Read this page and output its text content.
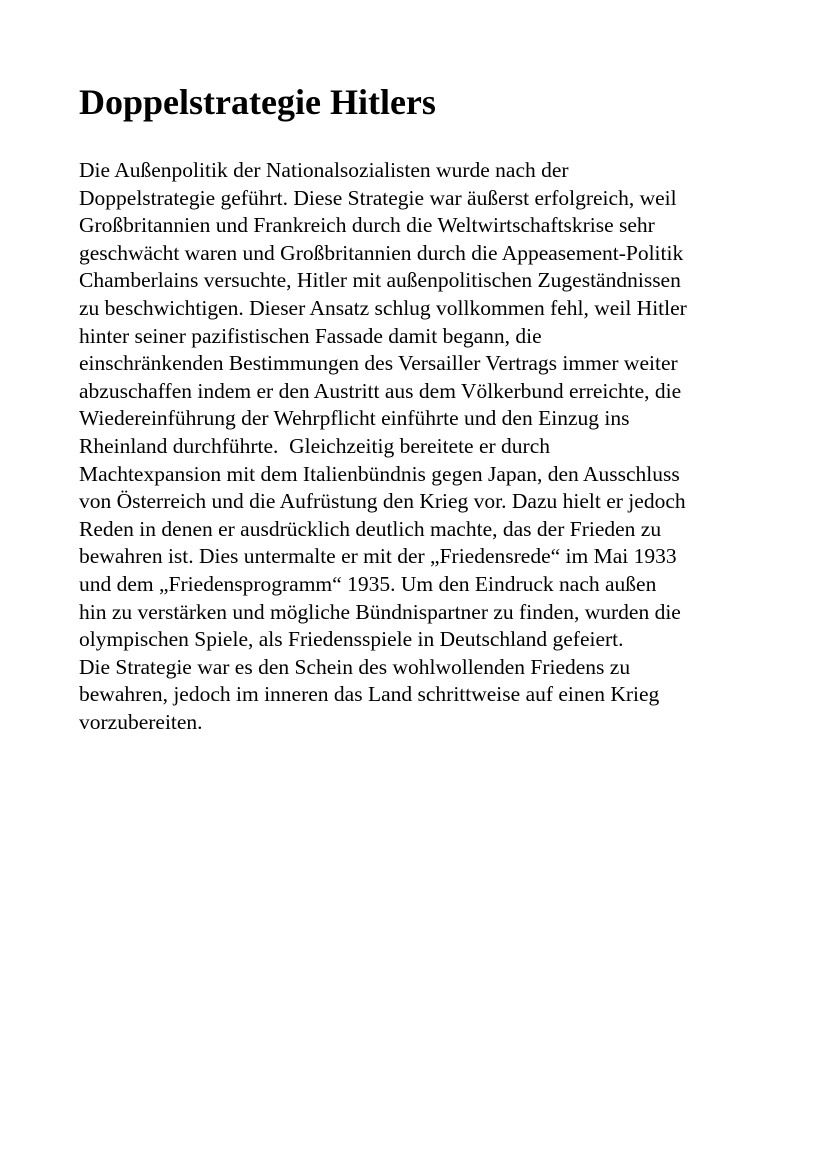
Doppelstrategie Hitlers
Die Außenpolitik der Nationalsozialisten wurde nach der
Doppelstrategie geführt. Diese Strategie war äußerst erfolgreich, weil
Großbritannien und Frankreich durch die Weltwirtschaftskrise sehr
geschwächt waren und Großbritannien durch die Appeasement-Politik
Chamberlains versuchte, Hitler mit außenpolitischen Zugeständnissen
zu beschwichtigen. Dieser Ansatz schlug vollkommen fehl, weil Hitler
hinter seiner pazifistischen Fassade damit begann, die
einschränkenden Bestimmungen des Versailler Vertrags immer weiter
abzuschaffen indem er den Austritt aus dem Völkerbund erreichte, die
Wiedereinführung der Wehrpflicht einführte und den Einzug ins
Rheinland durchführte.  Gleichzeitig bereitete er durch
Machtexpansion mit dem Italienbündnis gegen Japan, den Ausschluss
von Österreich und die Aufrüstung den Krieg vor. Dazu hielt er jedoch
Reden in denen er ausdrücklich deutlich machte, das der Frieden zu
bewahren ist. Dies untermalte er mit der „Friedensrede“ im Mai 1933
und dem „Friedensprogramm“ 1935. Um den Eindruck nach außen
hin zu verstärken und mögliche Bündnispartner zu finden, wurden die
olympischen Spiele, als Friedensspiele in Deutschland gefeiert.
Die Strategie war es den Schein des wohlwollenden Friedens zu
bewahren, jedoch im inneren das Land schrittweise auf einen Krieg
vorzubereiten.
